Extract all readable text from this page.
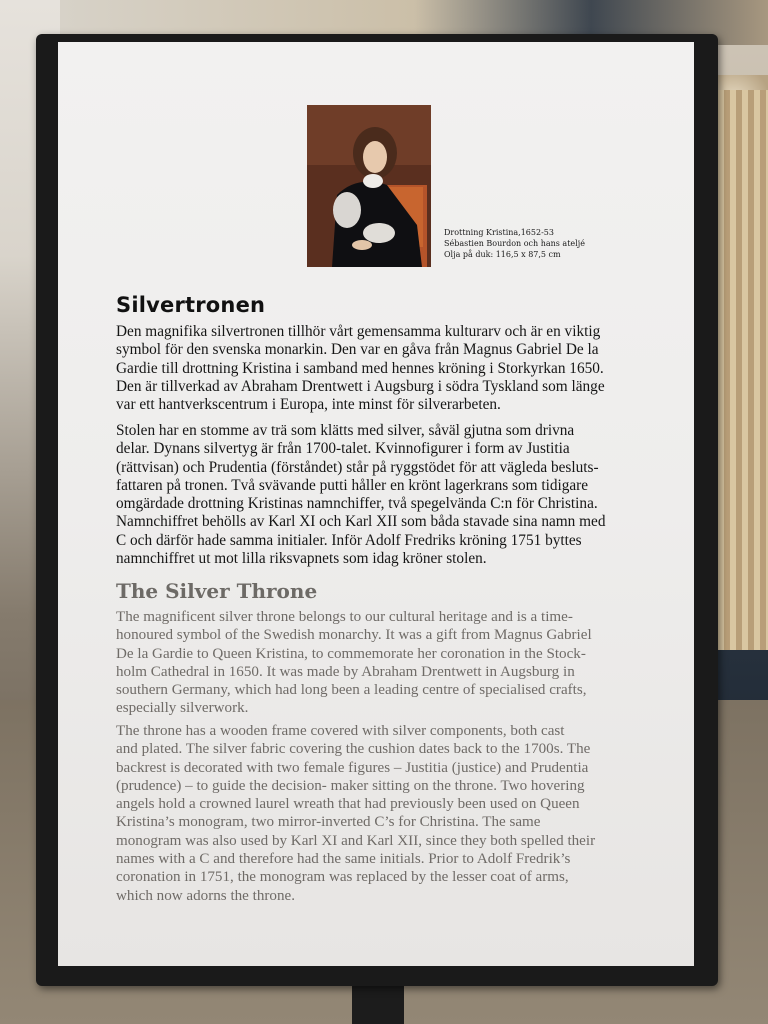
Drottning Kristina,1652-53
Sébastien Bourdon och hans ateljé
Olja på duk: 116,5 x 87,5 cm
Silvertronen
Den magnifika silvertronen tillhör vårt gemensamma kulturarv och är en viktig
symbol för den svenska monarkin. Den var en gåva från Magnus Gabriel De la
Gardie till drottning Kristina i samband med hennes kröning i Storkyrkan 1650.
Den är tillverkad av Abraham Drentwett i Augsburg i södra Tyskland som länge
var ett hantverkscentrum i Europa, inte minst för silverarbeten.
Stolen har en stomme av trä som klätts med silver, såväl gjutna som drivna
delar. Dynans silvertyg är från 1700-talet. Kvinnofigurer i form av Justitia
(rättvisan) och Prudentia (förståndet) står på ryggstödet för att vägleda besluts-
fattaren på tronen. Två svävande putti håller en krönt lagerkrans som tidigare
omgärdade drottning Kristinas namnchiffer, två spegelvända C:n för Christina.
Namnchiffret behölls av Karl XI och Karl XII som båda stavade sina namn med
C och därför hade samma initialer. Inför Adolf Fredriks kröning 1751 byttes
namnchiffret ut mot lilla riksvapnets som idag kröner stolen.
The Silver Throne
The magnificent silver throne belongs to our cultural heritage and is a time-
honoured symbol of the Swedish monarchy. It was a gift from Magnus Gabriel
De la Gardie to Queen Kristina, to commemorate her coronation in the Stock-
holm Cathedral in 1650. It was made by Abraham Drentwett in Augsburg in
southern Germany, which had long been a leading centre of specialised crafts,
especially silverwork.
The throne has a wooden frame covered with silver components, both cast
and plated. The silver fabric covering the cushion dates back to the 1700s. The
backrest is decorated with two female figures – Justitia (justice) and Prudentia
(prudence) – to guide the decision- maker sitting on the throne. Two hovering
angels hold a crowned laurel wreath that had previously been used on Queen
Kristina’s monogram, two mirror-inverted C’s for Christina. The same
monogram was also used by Karl XI and Karl XII, since they both spelled their
names with a C and therefore had the same initials. Prior to Adolf Fredrik’s
coronation in 1751, the monogram was replaced by the lesser coat of arms,
which now adorns the throne.
